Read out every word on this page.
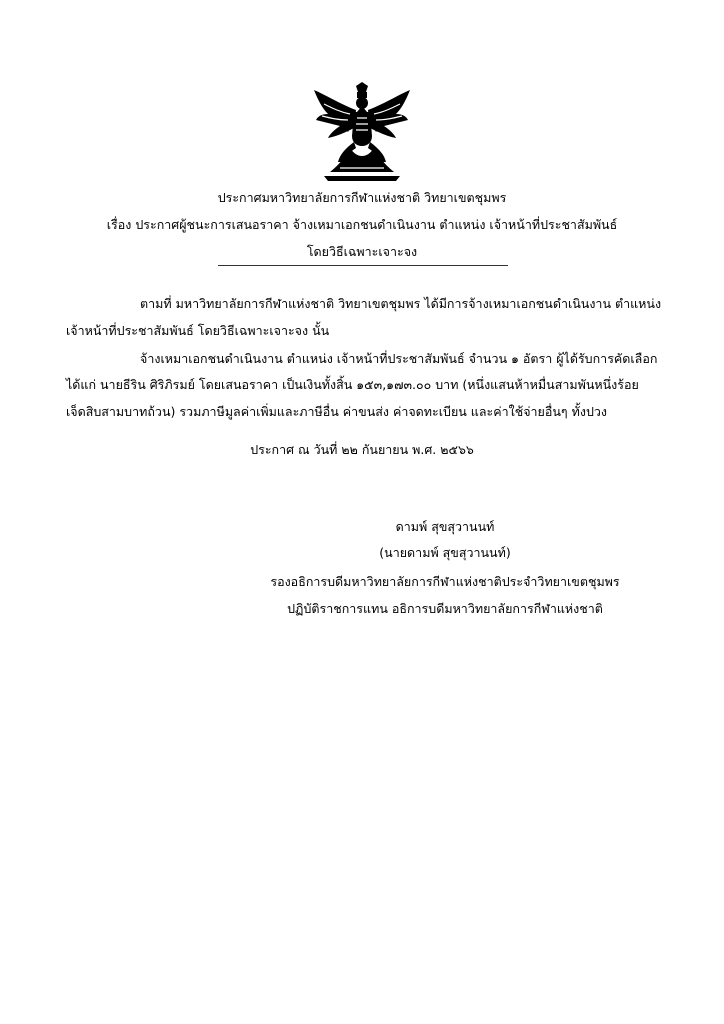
ประกาศมหาวิทยาลัยการกีฬาแห่งชาติ วิทยาเขตชุมพร
เรื่อง ประกาศผู้ชนะการเสนอราคา จ้างเหมาเอกชนดำเนินงาน ตำแหน่ง เจ้าหน้าที่ประชาสัมพันธ์
โดยวิธีเฉพาะเจาะจง
ตามที่ มหาวิทยาลัยการกีฬาแห่งชาติ วิทยาเขตชุมพร ได้มีการจ้างเหมาเอกชนดำเนินงาน ตำแหน่ง
เจ้าหน้าที่ประชาสัมพันธ์ โดยวิธีเฉพาะเจาะจง นั้น
จ้างเหมาเอกชนดำเนินงาน ตำแหน่ง เจ้าหน้าที่ประชาสัมพันธ์ จำนวน ๑ อัตรา ผู้ได้รับการคัดเลือก
ได้แก่ นายธีริน ศิริภิรมย์ โดยเสนอราคา เป็นเงินทั้งสิ้น ๑๕๓,๑๗๓.๐๐ บาท (หนึ่งแสนห้าหมื่นสามพันหนึ่งร้อย
เจ็ดสิบสามบาทถ้วน) รวมภาษีมูลค่าเพิ่มและภาษีอื่น ค่าขนส่ง ค่าจดทะเบียน และค่าใช้จ่ายอื่นๆ ทั้งปวง
ประกาศ ณ วันที่ ๒๒ กันยายน พ.ศ. ๒๕๖๖
ดามพ์ สุขสุวานนท์
(นายดามพ์ สุขสุวานนท์)
รองอธิการบดีมหาวิทยาลัยการกีฬาแห่งชาติประจำวิทยาเขตชุมพร
ปฏิบัติราชการแทน อธิการบดีมหาวิทยาลัยการกีฬาแห่งชาติ
